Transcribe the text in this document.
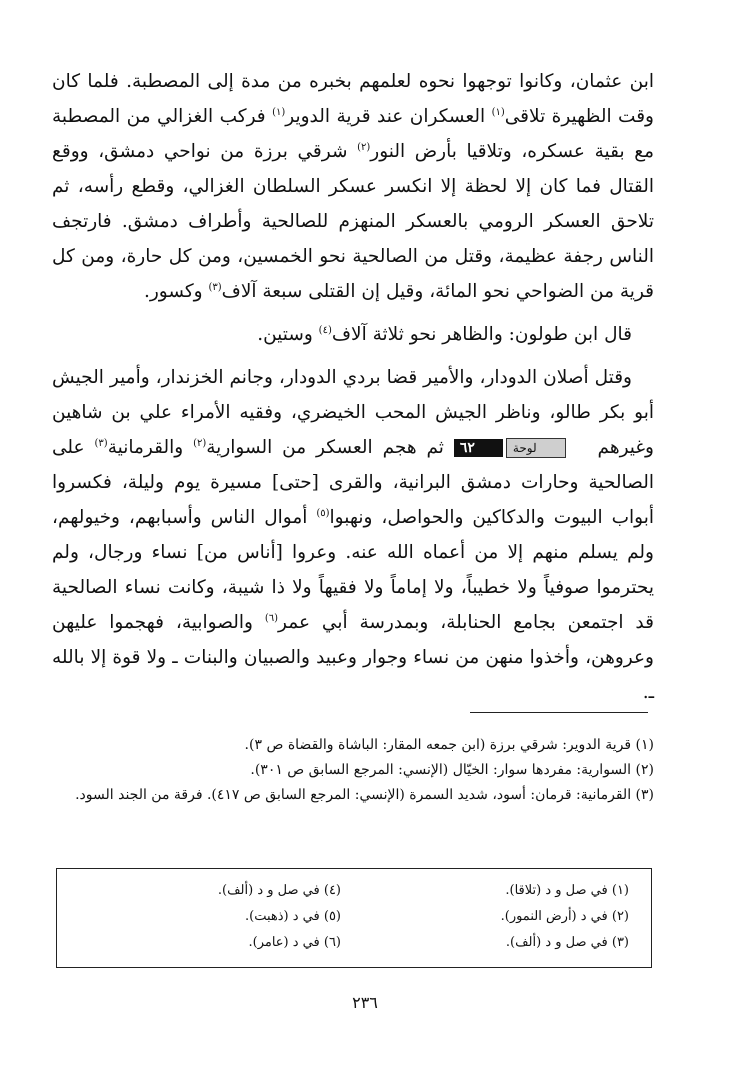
ابن عثمان، وكانوا توجهوا نحوه لعلمهم بخبره من مدة إلى المصطبة. فلما كان وقت الظهيرة تلاقى$^{(١)}$ العسكران عند قرية الدوير$^{(١)}$ فركب الغزالي من المصطبة مع بقية عسكره، وتلاقيا بأرض النور$^{(٢)}$ شرقي برزة من نواحي دمشق، ووقع القتال فما كان إلا لحظة إلا انكسر عسكر السلطان الغزالي، وقطع رأسه، ثم تلاحق العسكر الرومي بالعسكر المنهزم للصالحية وأطراف دمشق. فارتجف الناس رجفة عظيمة، وقتل من الصالحية نحو الخمسين، ومن كل حارة، ومن كل قرية من الضواحي نحو المائة، وقيل إن القتلى سبعة آلاف$^{(٣)}$ وكسور.

قال ابن طولون: والظاهر نحو ثلاثة آلاف$^{(٤)}$ وستين.

وقتل أصلان الدودار، والأمير قضا بردي الدودار، وجانم الخزندار، وأمير الجيش أبو بكر طالو، وناظر الجيش المحب الخيضري، وفقيه الأمراء علي بن شاهين وغيرهم لوحة٦٢ ثم هجم العسكر من السوارية$^{(٢)}$ والقرمانية$^{(٣)}$ على الصالحية وحارات دمشق البرانية، والقرى [حتى] مسيرة يوم وليلة، فكسروا أبواب البيوت والدكاكين والحواصل، ونهبوا$^{(٥)}$ أموال الناس وأسبابهم، وخيولهم، ولم يسلم منهم إلا من أعماه الله عنه. وعروا [أناس من] نساء ورجال، ولم يحترموا صوفياً ولا خطيباً، ولا إماماً ولا فقيهاً ولا ذا شيبة، وكانت نساء الصالحية قد اجتمعن بجامع الحنابلة، وبمدرسة أبي عمر$^{(٦)}$ والصوابية، فهجموا عليهن وعروهن، وأخذوا منهن من نساء وجوار وعبيد والصبيان والبنات ـ ولا قوة إلا بالله ـ.

(١) قرية الدوير: شرقي برزة (ابن جمعه المقار: الباشاة والقضاة ص ٣).

(٢) السوارية: مفردها سوار: الخيّال (الإنسي: المرجع السابق ص ٣٠١).

(٣) القرمانية: قرمان: أسود، شديد السمرة (الإنسي: المرجع السابق ص ٤١٧). فرقة من الجند السود.

(١) في صل و د (تلاقا).
(٢) في د (أرض النمور).
(٣) في صل و د (ألف).
(٤) في صل و د (ألف).
(٥) في د (ذهبت).
(٦) في د (عامر).
٢٣٦
